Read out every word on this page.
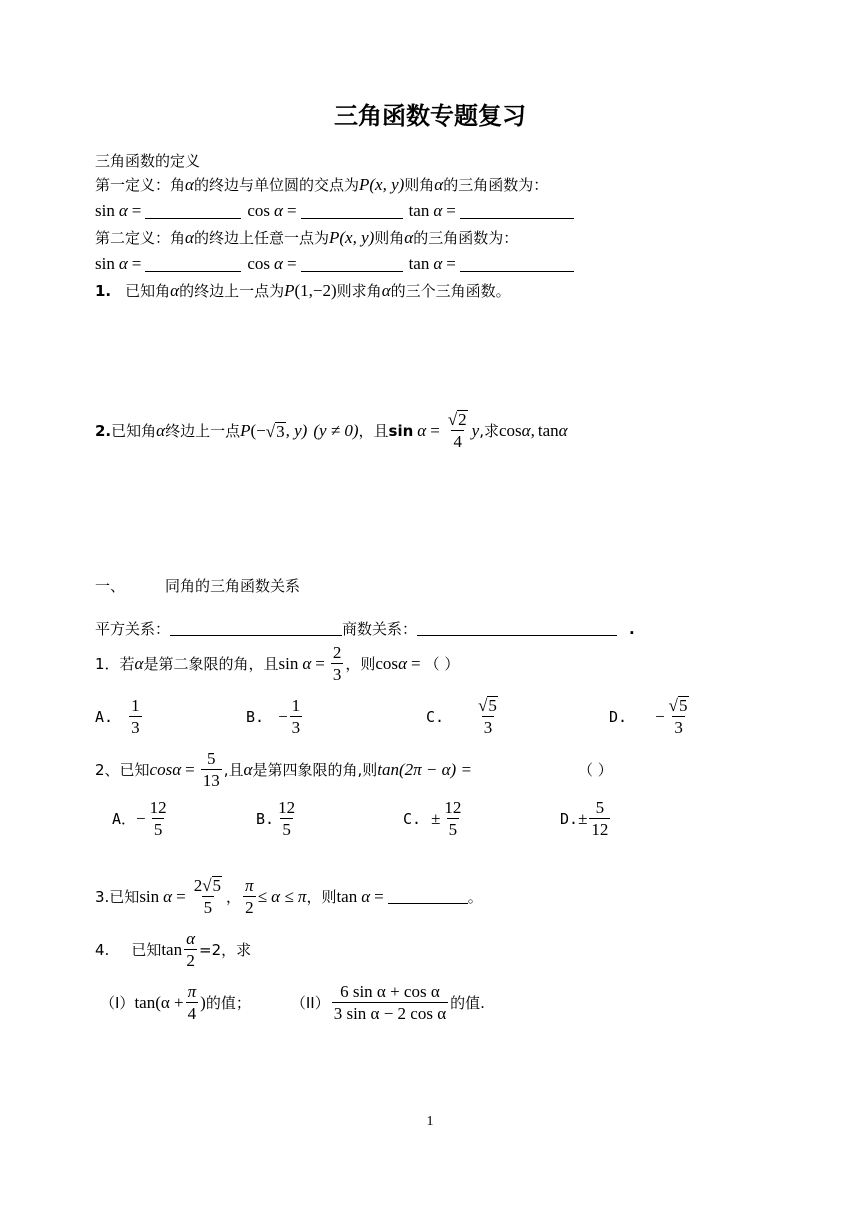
三角函数专题复习
三角函数的定义
第一定义：角 α 的终边与单位圆的交点为 P (x, y) 则角 α 的三角函数为：
sin α =	cos α =	tan α =
第二定义：角 α 的终边上任意一点为 P (x, y) 则角 α 的三角函数为：
sin α =	cos α =	tan α =
1. 已知角 α 的终边上一点为 P (1,−2) 则求角 α 的三个三角函数。
2. 已知角 α 终边上一点 P (− √ 3 , y) (y ≠ 0) ，且 $\sin \alpha = \frac{√ 2}{4}$ y ,求 cos α , tan α
一、	同角的三角函数关系
平方关系：	商数关系：	.
1．若 α 是第二象限的角，且 $\sin \alpha = \frac{2}{3}$ ，则 cos α = （ ）
A. $\frac{1}{3}$	B. − $\frac{1}{3}$	C. $\frac{√ 5}{3}$	D. − $\frac{√ 5}{3}$
2、已知 $\cos \alpha = \frac{5}{13}$ ,且 α 是第四象限的角,则 tan (2π − α) =	（ ）
A． − $\frac{12}{5}$	B. $\frac{12}{5}$	C. ± $\frac{12}{5}$	D. ± $\frac{5}{12}$
3.已知 $\sin \alpha = \frac{2 √ 5}{5}$ ， $\frac{\pi}{2} \le \alpha \le \pi$ ，则 tan α =	。
4. 已知 $\tan \frac{\alpha}{2} =2$，求
（I） $\tan(\alpha + \frac{\pi}{4}$ ) 的值；	$(II) \frac{\text{6 sin α + cos α}}{\text{3 sin α − 2 cos α}}$ 的值.
1
